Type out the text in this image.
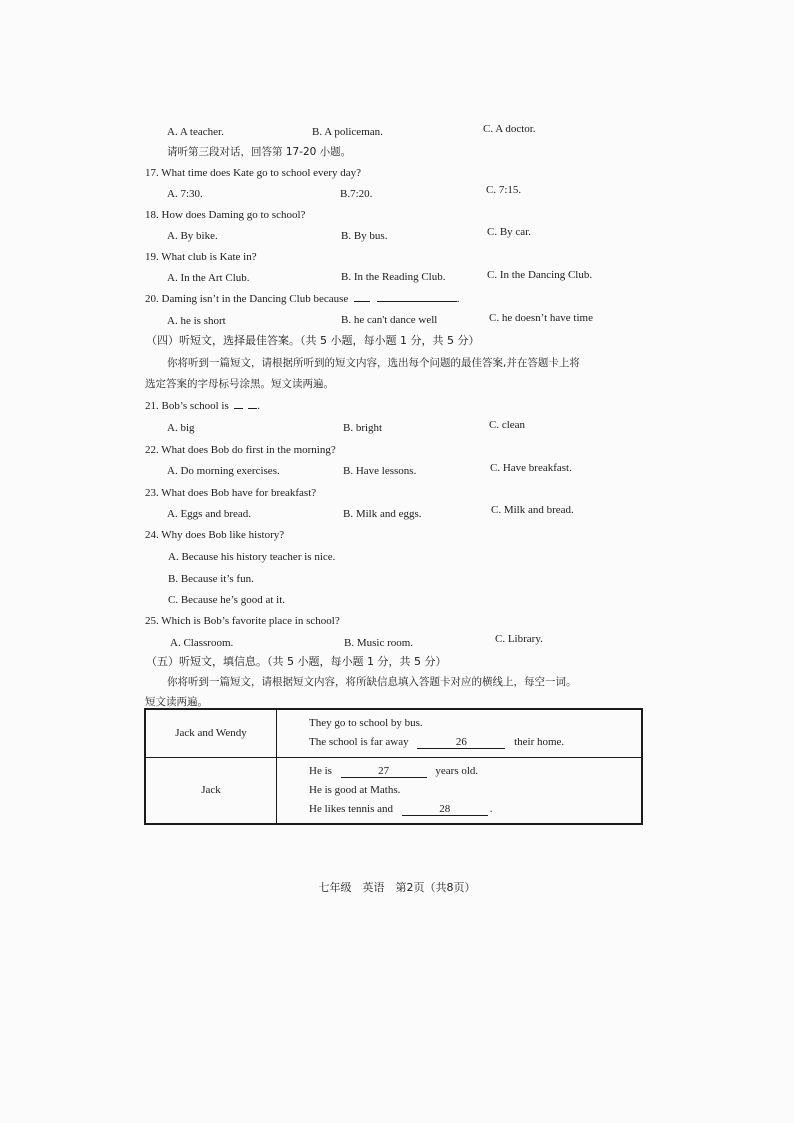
A. A teacher.	B. A policeman.	C. A doctor.
请听第三段对话，回答第 17-20 小题。
17. What time does Kate go to school every day?
A. 7:30.	B.7:20.	C. 7:15.
18. How does Daming go to school?
A. By bike.	B. By bus.	C. By car.
19. What club is Kate in?
A. In the Art Club.	B. In the Reading Club.	C. In the Dancing Club.
20. Daming isn’t in the Dancing Club because	.
A. he is short	B. he can't dance well	C. he doesn’t have time
（四）听短文，选择最佳答案。（共 5 小题，每小题 1 分，共 5 分）
你将听到一篇短文，请根据所听到的短文内容，选出每个问题的最佳答案,并在答题卡上将
选定答案的字母标号涂黑。短文读两遍。
21. Bob’s school is	.
A. big	B. bright	C. clean
22. What does Bob do first in the morning?
A. Do morning exercises.	B. Have lessons.	C. Have breakfast.
23. What does Bob have for breakfast?
A. Eggs and bread.	B. Milk and eggs.	C. Milk and bread.
24. Why does Bob like history?
A. Because his history teacher is nice.
B. Because it’s fun.
C. Because he’s good at it.
25. Which is Bob’s favorite place in school?
A. Classroom.	B. Music room.	C. Library.
（五）听短文，填信息。（共 5 小题，每小题 1 分，共 5 分）
你将听到一篇短文，请根据短文内容，将所缺信息填入答题卡对应的横线上，每空一词。
短文读两遍。
Jack and Wendy	They go to school by bus.
The school is far away 26 their home.

Jack	He is 27 years old.
He is good at Maths.
He likes tennis and 28 .
七年级　英语　第2页（共8页）
